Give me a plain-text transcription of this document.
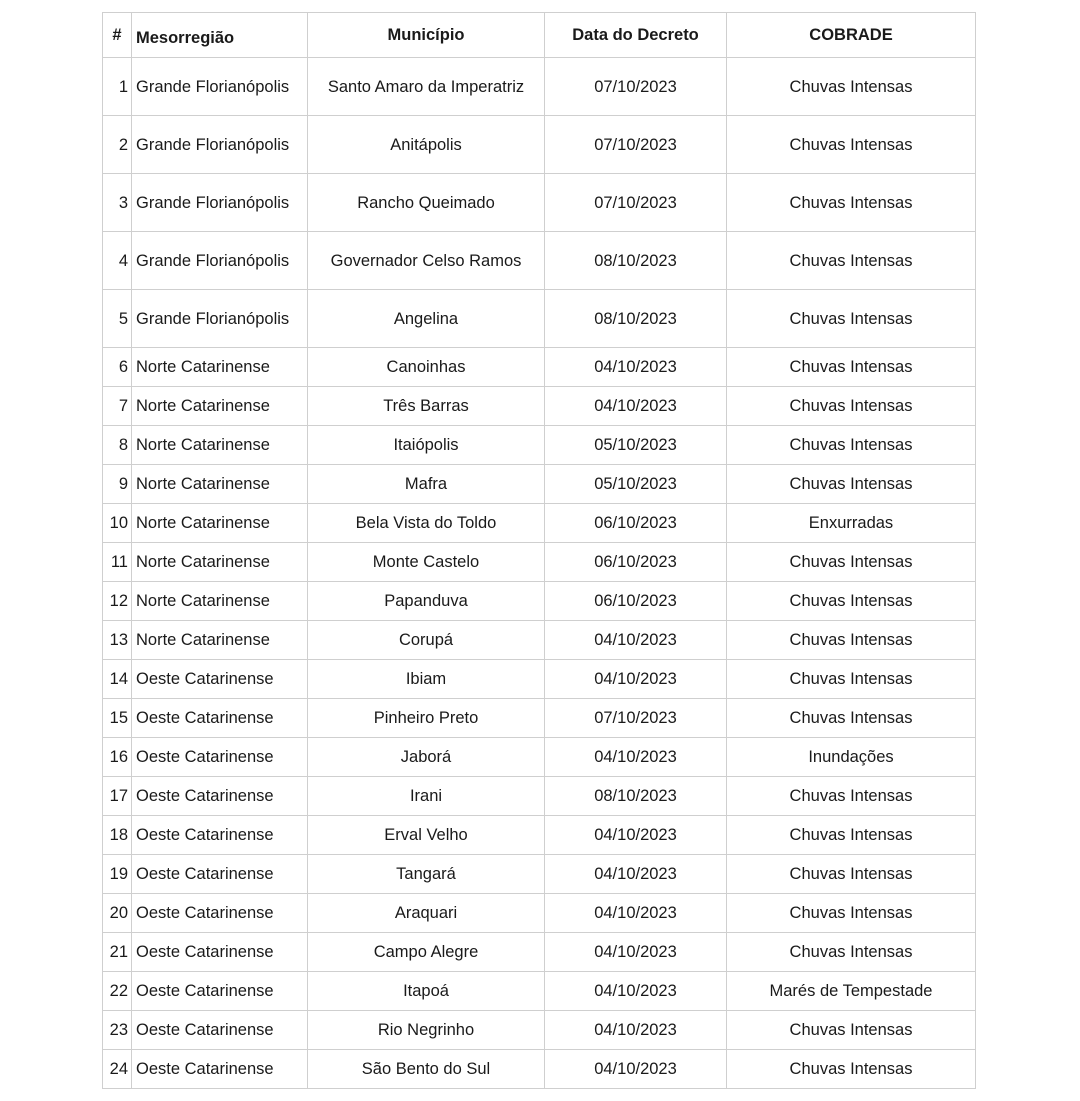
#	Mesorregião	Município	Data do Decreto	COBRADE
1	Grande Florianópolis	Santo Amaro da Imperatriz	07/10/2023	Chuvas Intensas
2	Grande Florianópolis	Anitápolis	07/10/2023	Chuvas Intensas
3	Grande Florianópolis	Rancho Queimado	07/10/2023	Chuvas Intensas
4	Grande Florianópolis	Governador Celso Ramos	08/10/2023	Chuvas Intensas
5	Grande Florianópolis	Angelina	08/10/2023	Chuvas Intensas
6	Norte Catarinense	Canoinhas	04/10/2023	Chuvas Intensas
7	Norte Catarinense	Três Barras	04/10/2023	Chuvas Intensas
8	Norte Catarinense	Itaiópolis	05/10/2023	Chuvas Intensas
9	Norte Catarinense	Mafra	05/10/2023	Chuvas Intensas
10	Norte Catarinense	Bela Vista do Toldo	06/10/2023	Enxurradas
11	Norte Catarinense	Monte Castelo	06/10/2023	Chuvas Intensas
12	Norte Catarinense	Papanduva	06/10/2023	Chuvas Intensas
13	Norte Catarinense	Corupá	04/10/2023	Chuvas Intensas
14	Oeste Catarinense	Ibiam	04/10/2023	Chuvas Intensas
15	Oeste Catarinense	Pinheiro Preto	07/10/2023	Chuvas Intensas
16	Oeste Catarinense	Jaborá	04/10/2023	Inundações
17	Oeste Catarinense	Irani	08/10/2023	Chuvas Intensas
18	Oeste Catarinense	Erval Velho	04/10/2023	Chuvas Intensas
19	Oeste Catarinense	Tangará	04/10/2023	Chuvas Intensas
20	Oeste Catarinense	Araquari	04/10/2023	Chuvas Intensas
21	Oeste Catarinense	Campo Alegre	04/10/2023	Chuvas Intensas
22	Oeste Catarinense	Itapoá	04/10/2023	Marés de Tempestade
23	Oeste Catarinense	Rio Negrinho	04/10/2023	Chuvas Intensas
24	Oeste Catarinense	São Bento do Sul	04/10/2023	Chuvas Intensas
